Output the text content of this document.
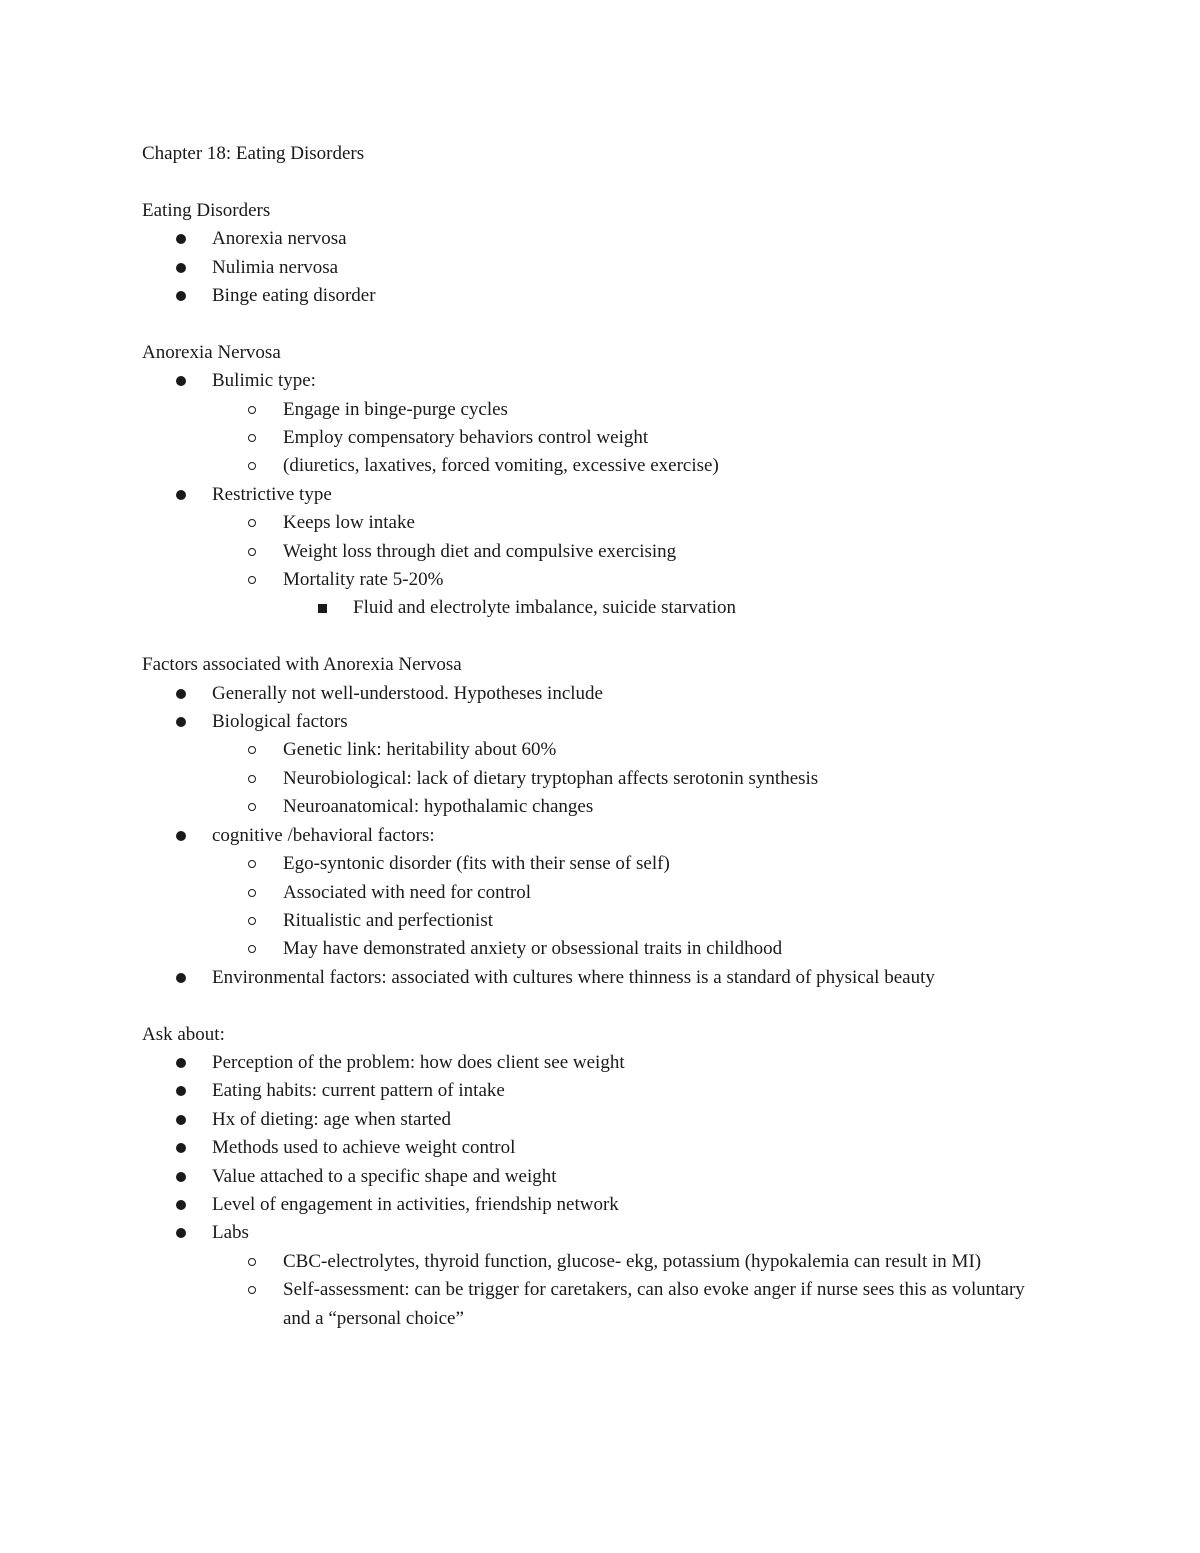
Chapter 18: Eating Disorders

Eating Disorders

Anorexia nervosa
Nulimia nervosa
Binge eating disorder

Anorexia Nervosa

Bulimic type:
Engage in binge-purge cycles
Employ compensatory behaviors control weight
(diuretics, laxatives, forced vomiting, excessive exercise)
Restrictive type
Keeps low intake
Weight loss through diet and compulsive exercising
Mortality rate 5-20%
Fluid and electrolyte imbalance, suicide starvation

Factors associated with Anorexia Nervosa

Generally not well-understood. Hypotheses include
Biological factors
Genetic link: heritability about 60%
Neurobiological: lack of dietary tryptophan affects serotonin synthesis
Neuroanatomical: hypothalamic changes
cognitive /behavioral factors:
Ego-syntonic disorder (fits with their sense of self)
Associated with need for control
Ritualistic and perfectionist
May have demonstrated anxiety or obsessional traits in childhood
Environmental factors: associated with cultures where thinness is a standard of physical beauty

Ask about:

Perception of the problem: how does client see weight
Eating habits: current pattern of intake
Hx of dieting: age when started
Methods used to achieve weight control
Value attached to a specific shape and weight
Level of engagement in activities, friendship network
Labs
CBC-electrolytes, thyroid function, glucose- ekg, potassium (hypokalemia can result in MI)
Self-assessment: can be trigger for caretakers, can also evoke anger if nurse sees this as voluntary and a “personal choice”
